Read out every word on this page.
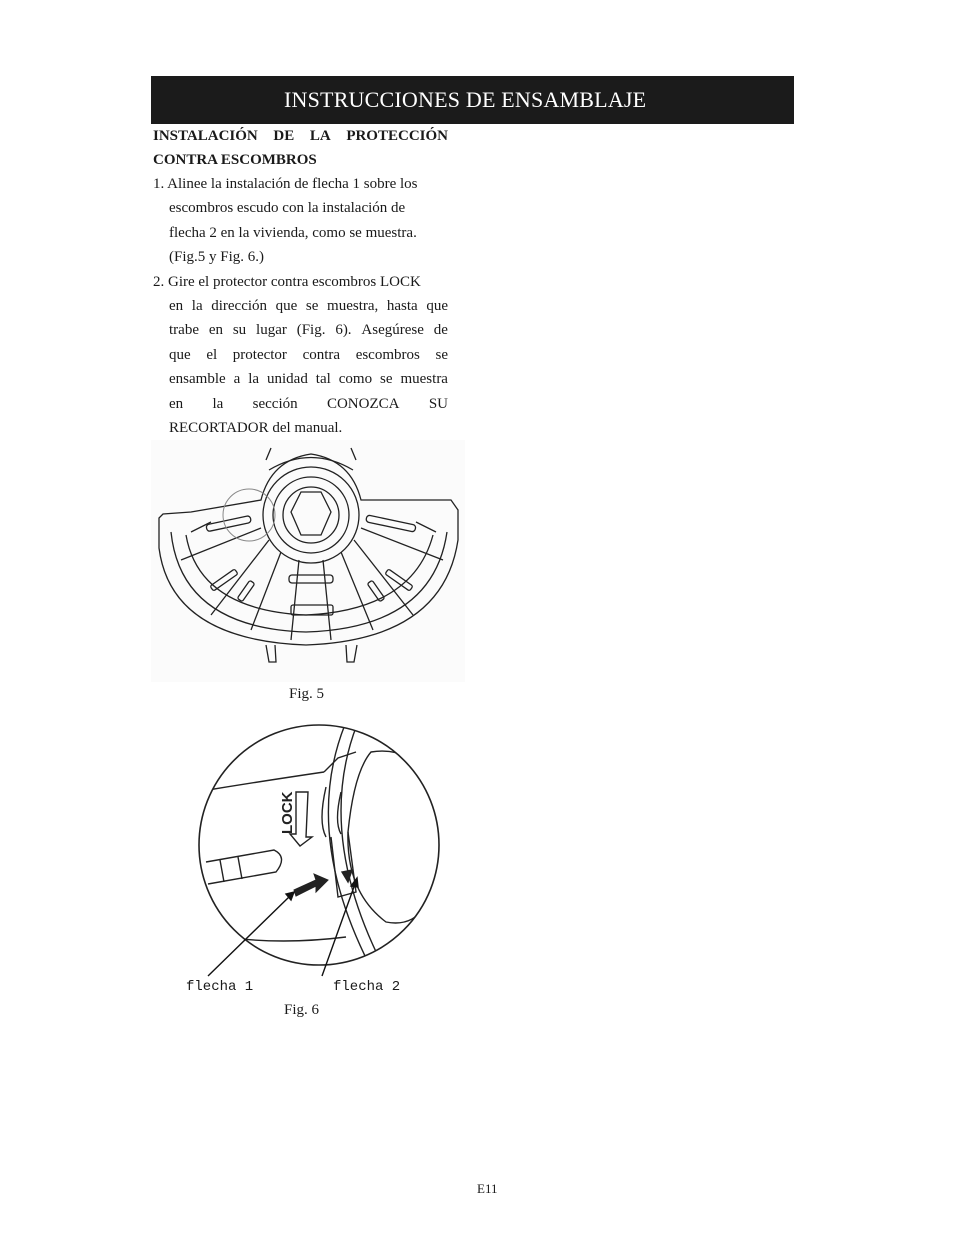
INSTRUCCIONES DE ENSAMBLAJE
INSTALACIÓN DE LA PROTECCIÓN
CONTRA ESCOMBROS
1. Alinee la instalación de flecha 1 sobre los
escombros escudo con la instalación de
flecha 2 en la vivienda, como se muestra.
(Fig.5 y Fig. 6.)
2. Gire el protector contra escombros LOCK
en la dirección que se muestra, hasta que
trabe en su lugar (Fig. 6). Asegúrese de
que el protector contra escombros se
ensamble a la unidad tal como se muestra
en la sección CONOZCA SU
RECORTADOR del manual.
Fig. 5
LOCK
flecha 1	flecha 2
Fig. 6
E11
